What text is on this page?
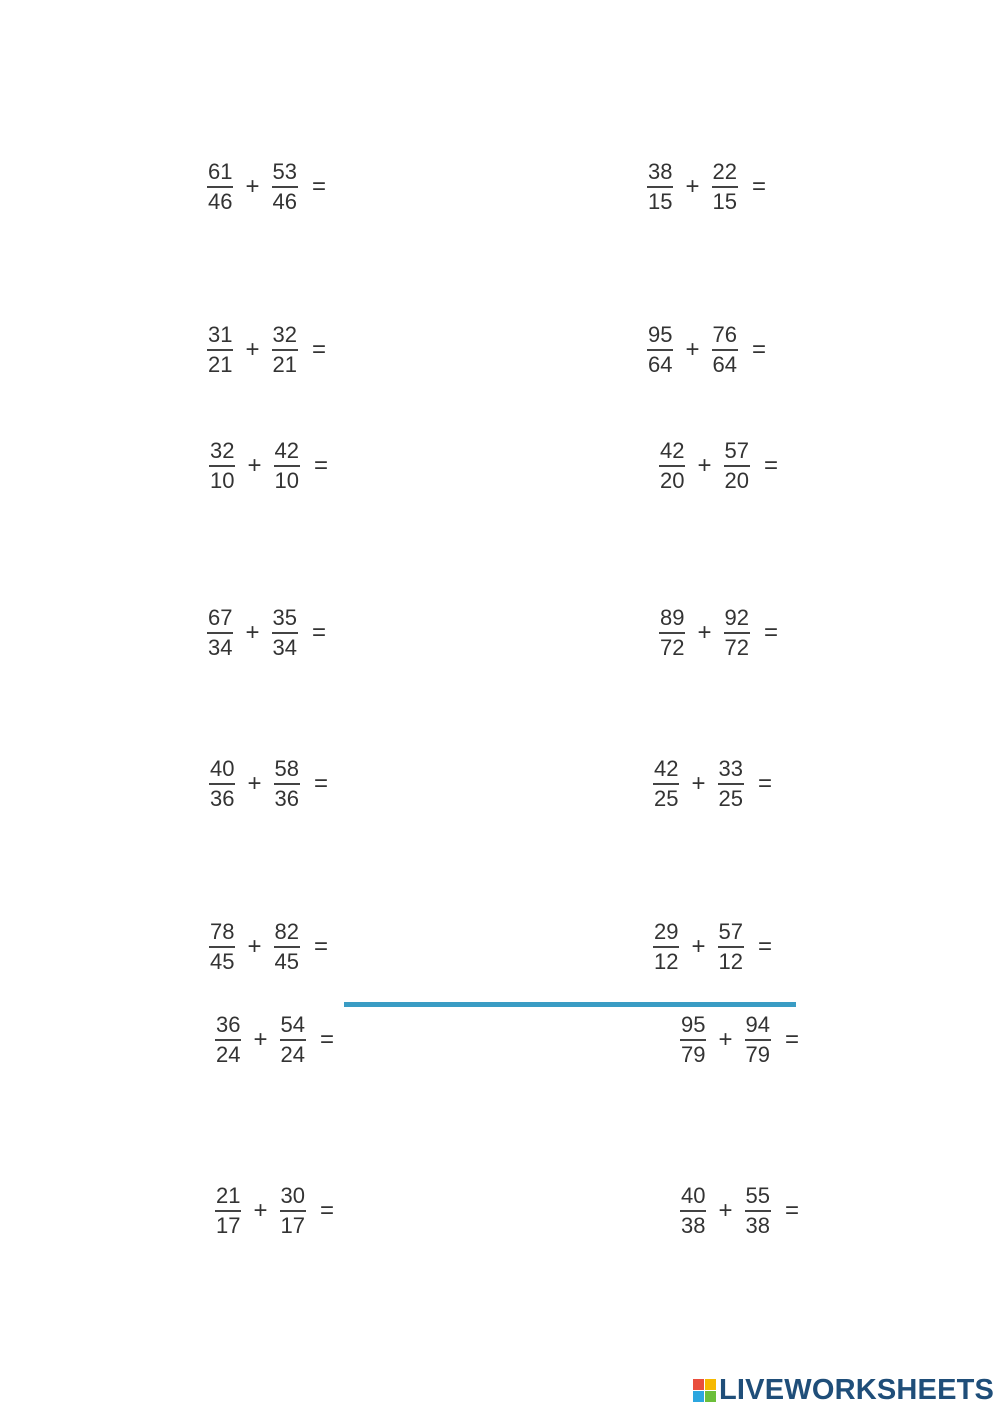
$\frac{61}{46} + \frac{53}{46}$ =	$\frac{38}{15} + \frac{22}{15}$ =
$\frac{31}{21} + \frac{32}{21}$ =	$\frac{95}{64} + \frac{76}{64}$ =
$\frac{32}{10} + \frac{42}{10}$ =	$\frac{42}{20} + \frac{57}{20}$ =
$\frac{67}{34} + \frac{35}{34}$ =	$\frac{89}{72} + \frac{92}{72}$ =
$\frac{40}{36} + \frac{58}{36}$ =	$\frac{42}{25} + \frac{33}{25}$ =
$\frac{78}{45} + \frac{82}{45}$ =	$\frac{29}{12} + \frac{57}{12}$ =
$\frac{36}{24} + \frac{54}{24}$ =	$\frac{95}{79} + \frac{94}{79}$ =
$\frac{21}{17} + \frac{30}{17}$ =	$\frac{40}{38} + \frac{55}{38}$ =
LIVEWORKSHEETS
